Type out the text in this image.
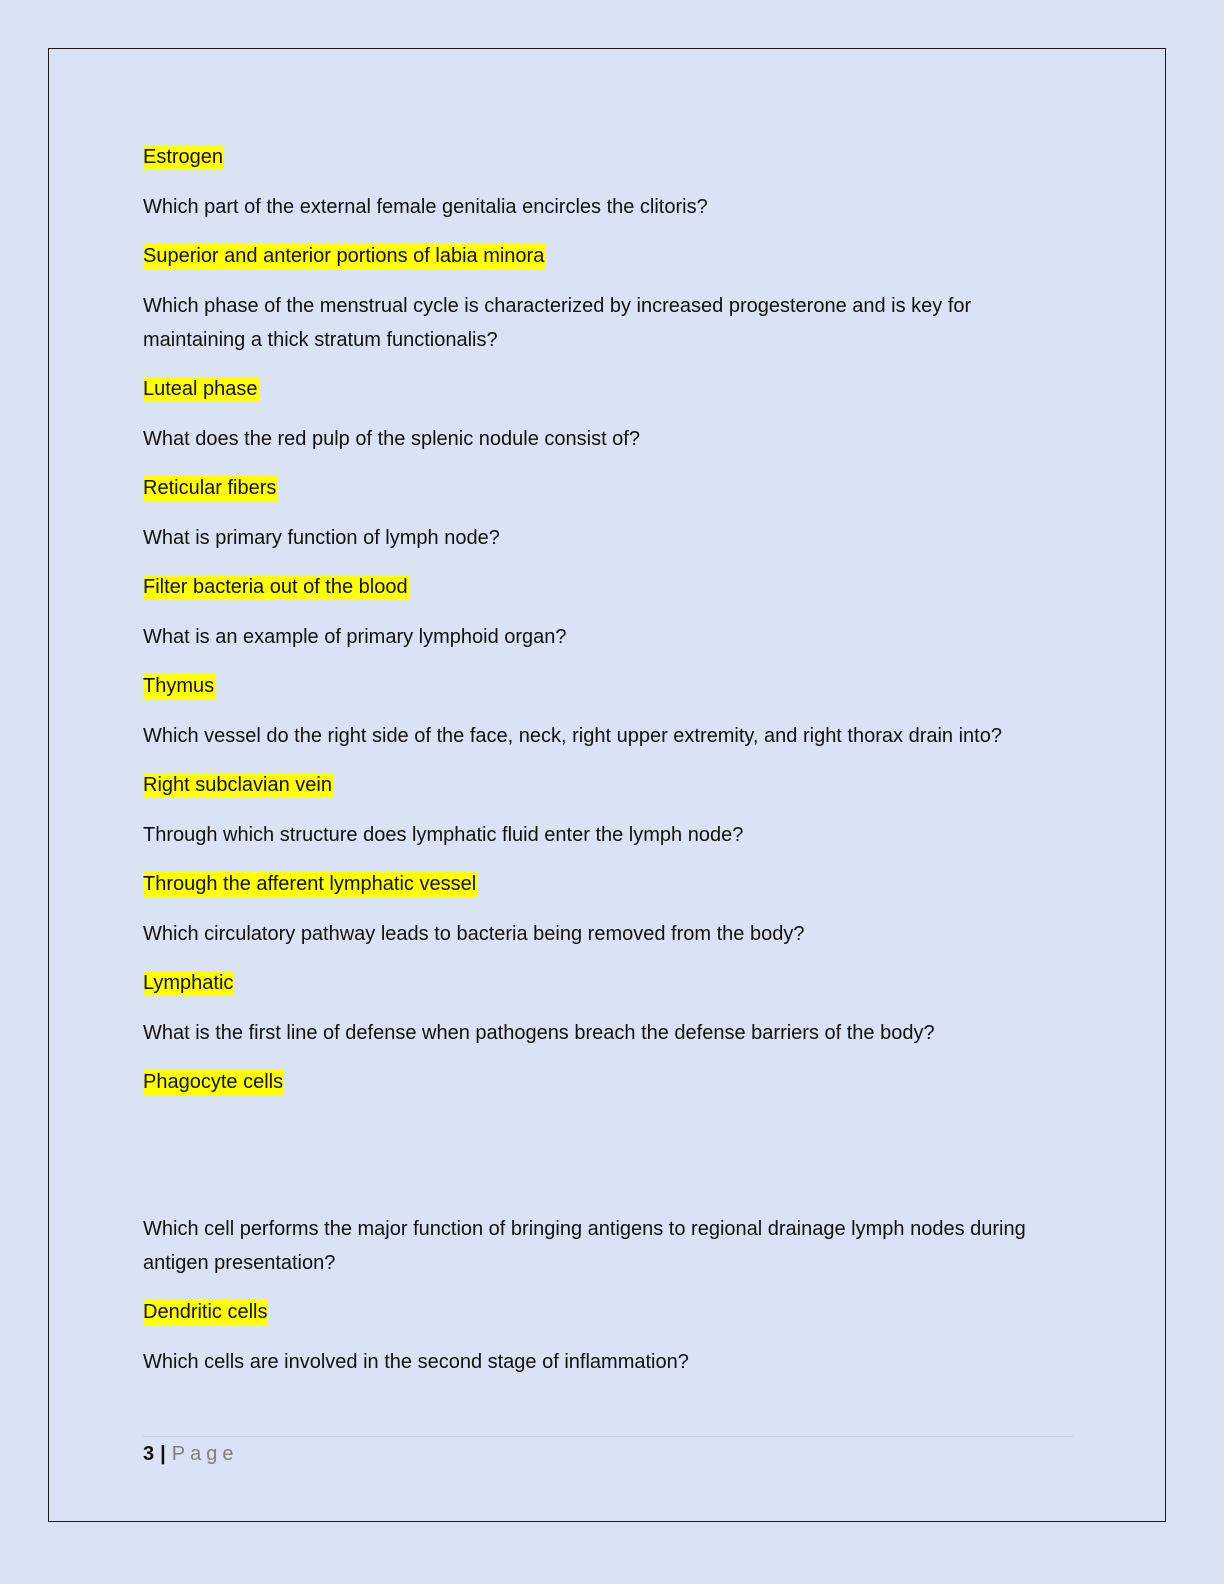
Estrogen
Which part of the external female genitalia encircles the clitoris?
Superior and anterior portions of labia minora
Which phase of the menstrual cycle is characterized by increased progesterone and is key for maintaining a thick stratum functionalis?
Luteal phase
What does the red pulp of the splenic nodule consist of?
Reticular fibers
What is primary function of lymph node?
Filter bacteria out of the blood
What is an example of primary lymphoid organ?
Thymus
Which vessel do the right side of the face, neck, right upper extremity, and right thorax drain into?
Right subclavian vein
Through which structure does lymphatic fluid enter the lymph node?
Through the afferent lymphatic vessel
Which circulatory pathway leads to bacteria being removed from the body?
Lymphatic
What is the first line of defense when pathogens breach the defense barriers of the body?
Phagocyte cells
Which cell performs the major function of bringing antigens to regional drainage lymph nodes during antigen presentation?
Dendritic cells
Which cells are involved in the second stage of inflammation?
3 | Page
